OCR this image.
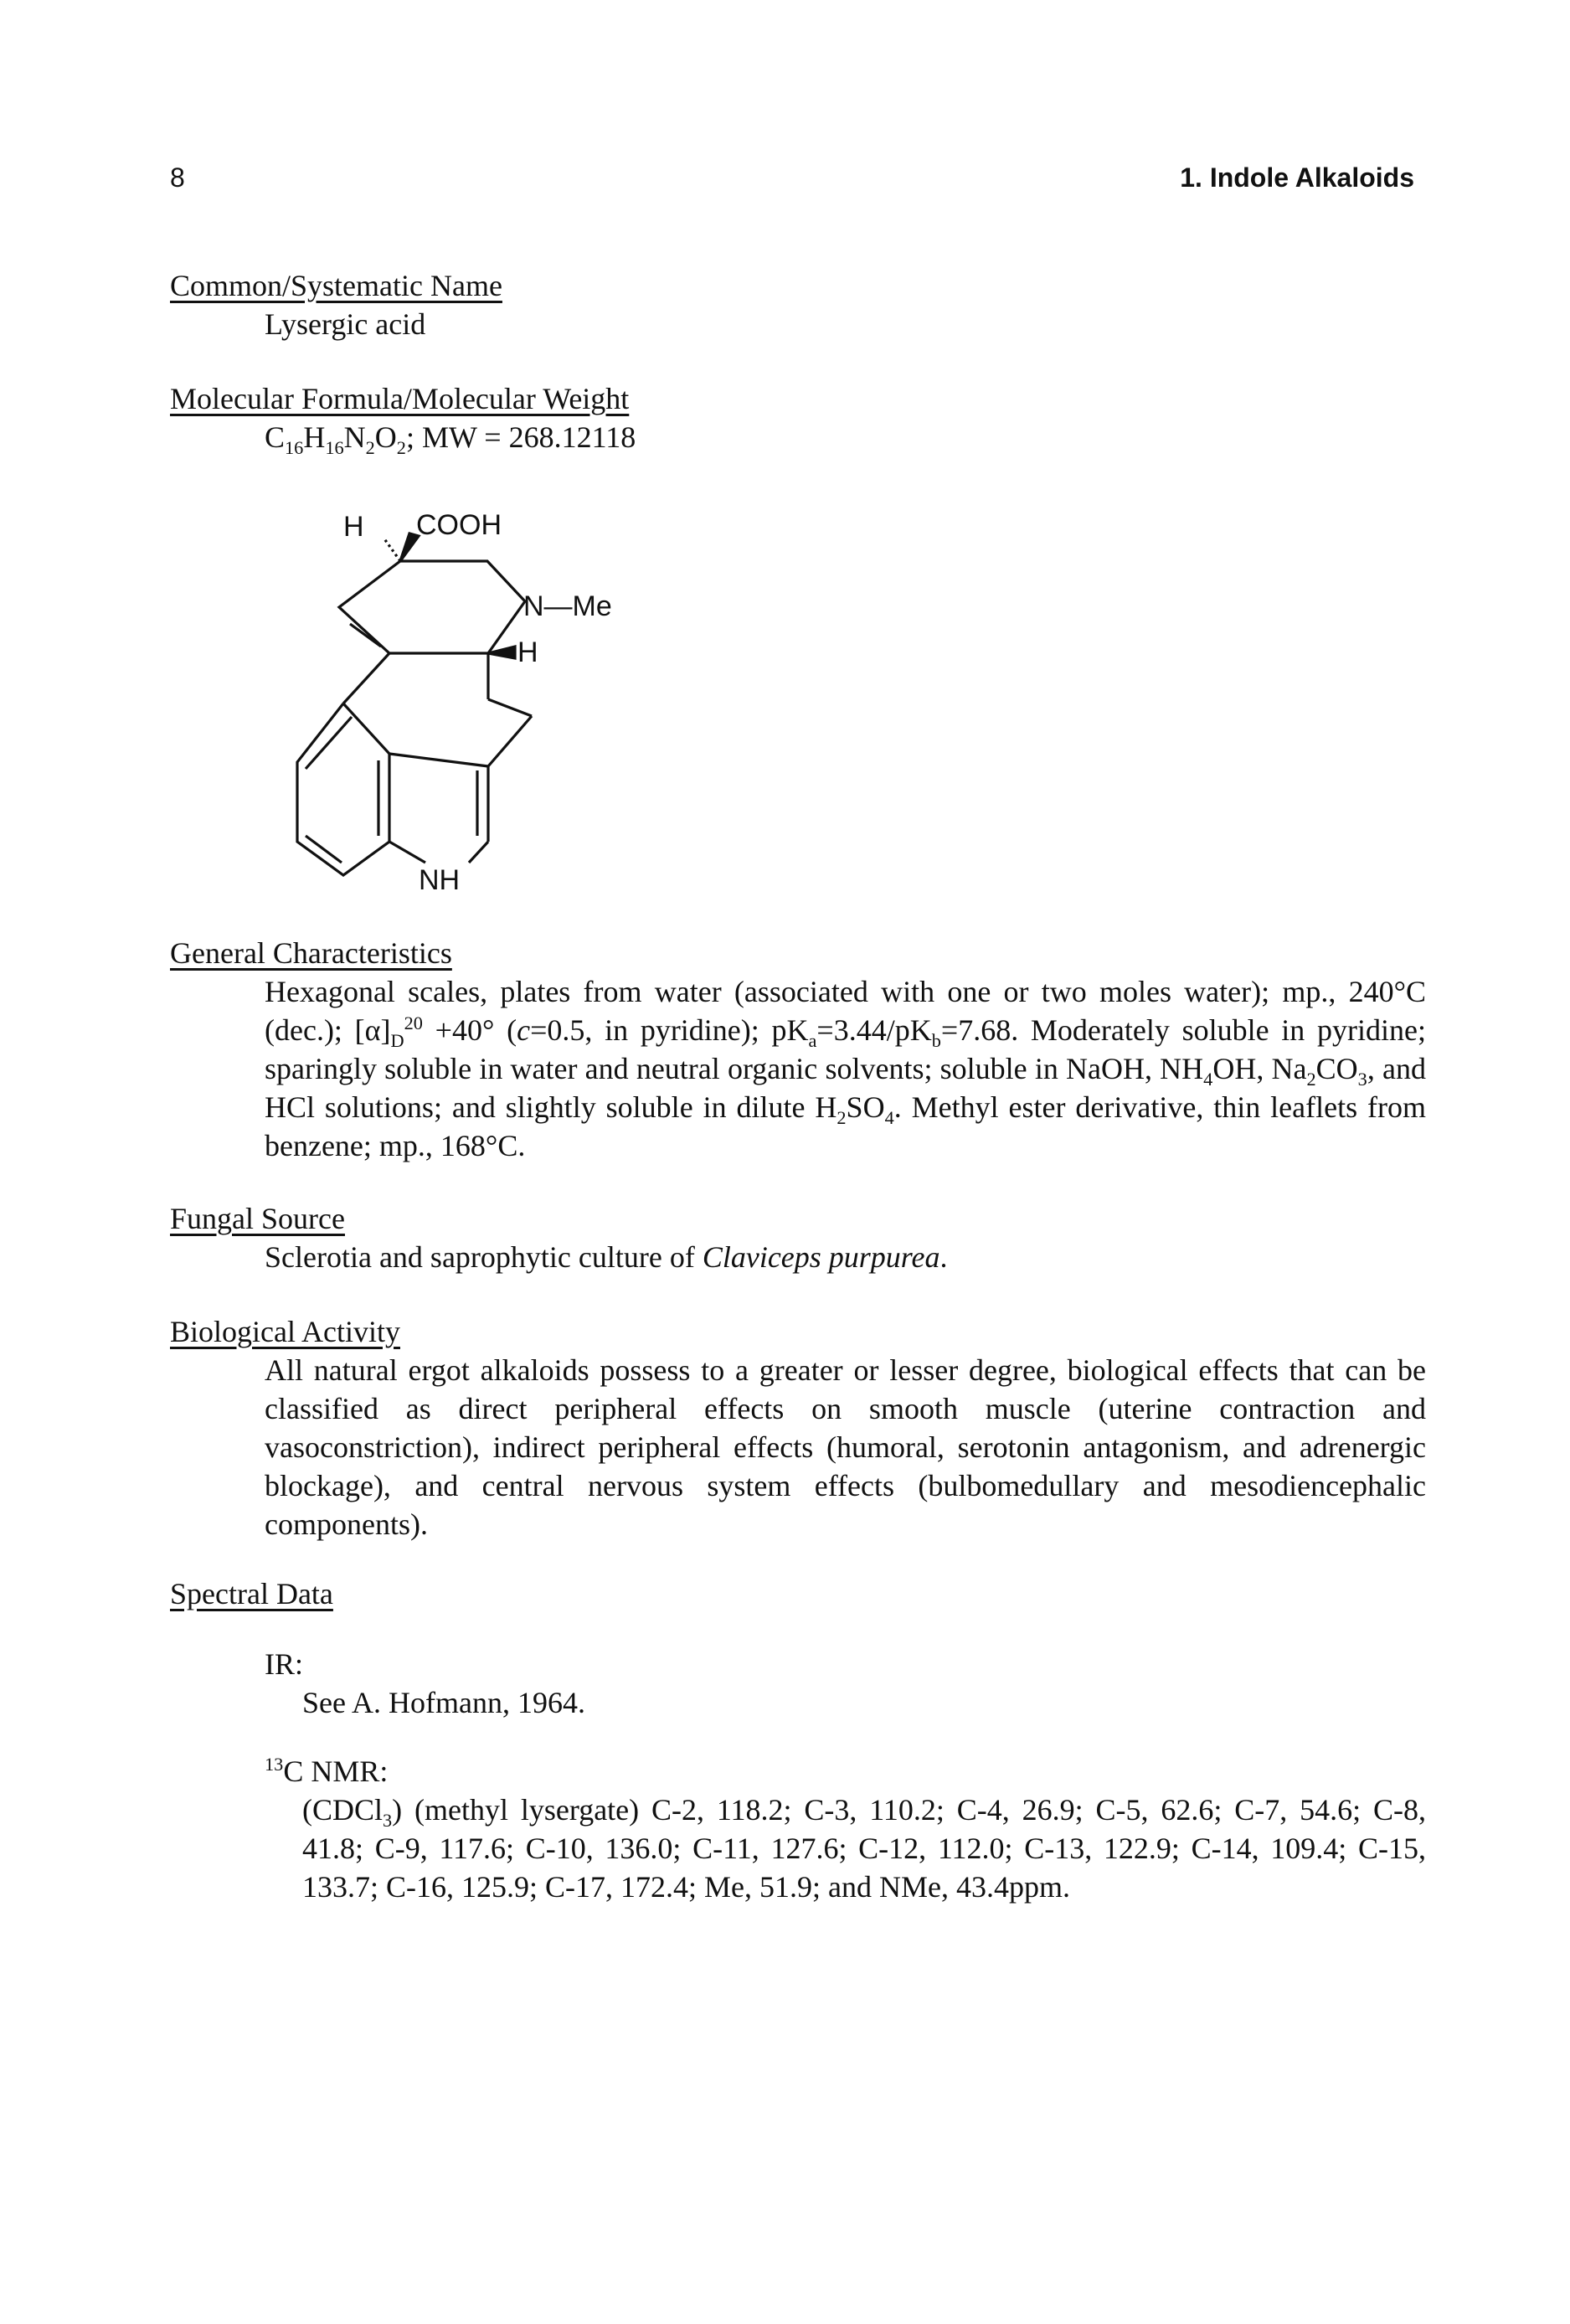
8	1. Indole Alkaloids
Common/Systematic Name
Lysergic acid
Molecular Formula/Molecular Weight
$C_{16}H_{16}N_2O_2$; MW = 268.12118
H COOH
N—Me
H
NH
General Characteristics
Hexagonal scales, plates from water (associated with one or two moles water); mp., 240°C (dec.); $[\alpha]_D^{20} +40^\circ$ (c=0.5, in pyridine); $pK_a=3.44/pK_b=7.68$. Moderately soluble in pyridine; sparingly soluble in water and neutral organic solvents; soluble in NaOH, $NH_4OH$, $Na_2CO_3$, and HCl solutions; and slightly soluble in dilute $H_2SO_4$. Methyl ester derivative, thin leaflets from benzene; mp., 168°C.
Fungal Source
Sclerotia and saprophytic culture of Claviceps purpurea.
Biological Activity
All natural ergot alkaloids possess to a greater or lesser degree, biological effects that can be classified as direct peripheral effects on smooth muscle (uterine contraction and vasoconstriction), indirect peripheral effects (humoral, serotonin antagonism, and adrenergic blockage), and central nervous system effects (bulbomedullary and mesodiencephalic components).
Spectral Data
IR:
See A. Hofmann, 1964.
$^{13}$C NMR:
(CDCl$_3$) (methyl lysergate) C-2, 118.2; C-3, 110.2; C-4, 26.9; C-5, 62.6; C-7, 54.6; C-8, 41.8; C-9, 117.6; C-10, 136.0; C-11, 127.6; C-12, 112.0; C-13, 122.9; C-14, 109.4; C-15, 133.7; C-16, 125.9; C-17, 172.4; Me, 51.9; and NMe, 43.4ppm.
